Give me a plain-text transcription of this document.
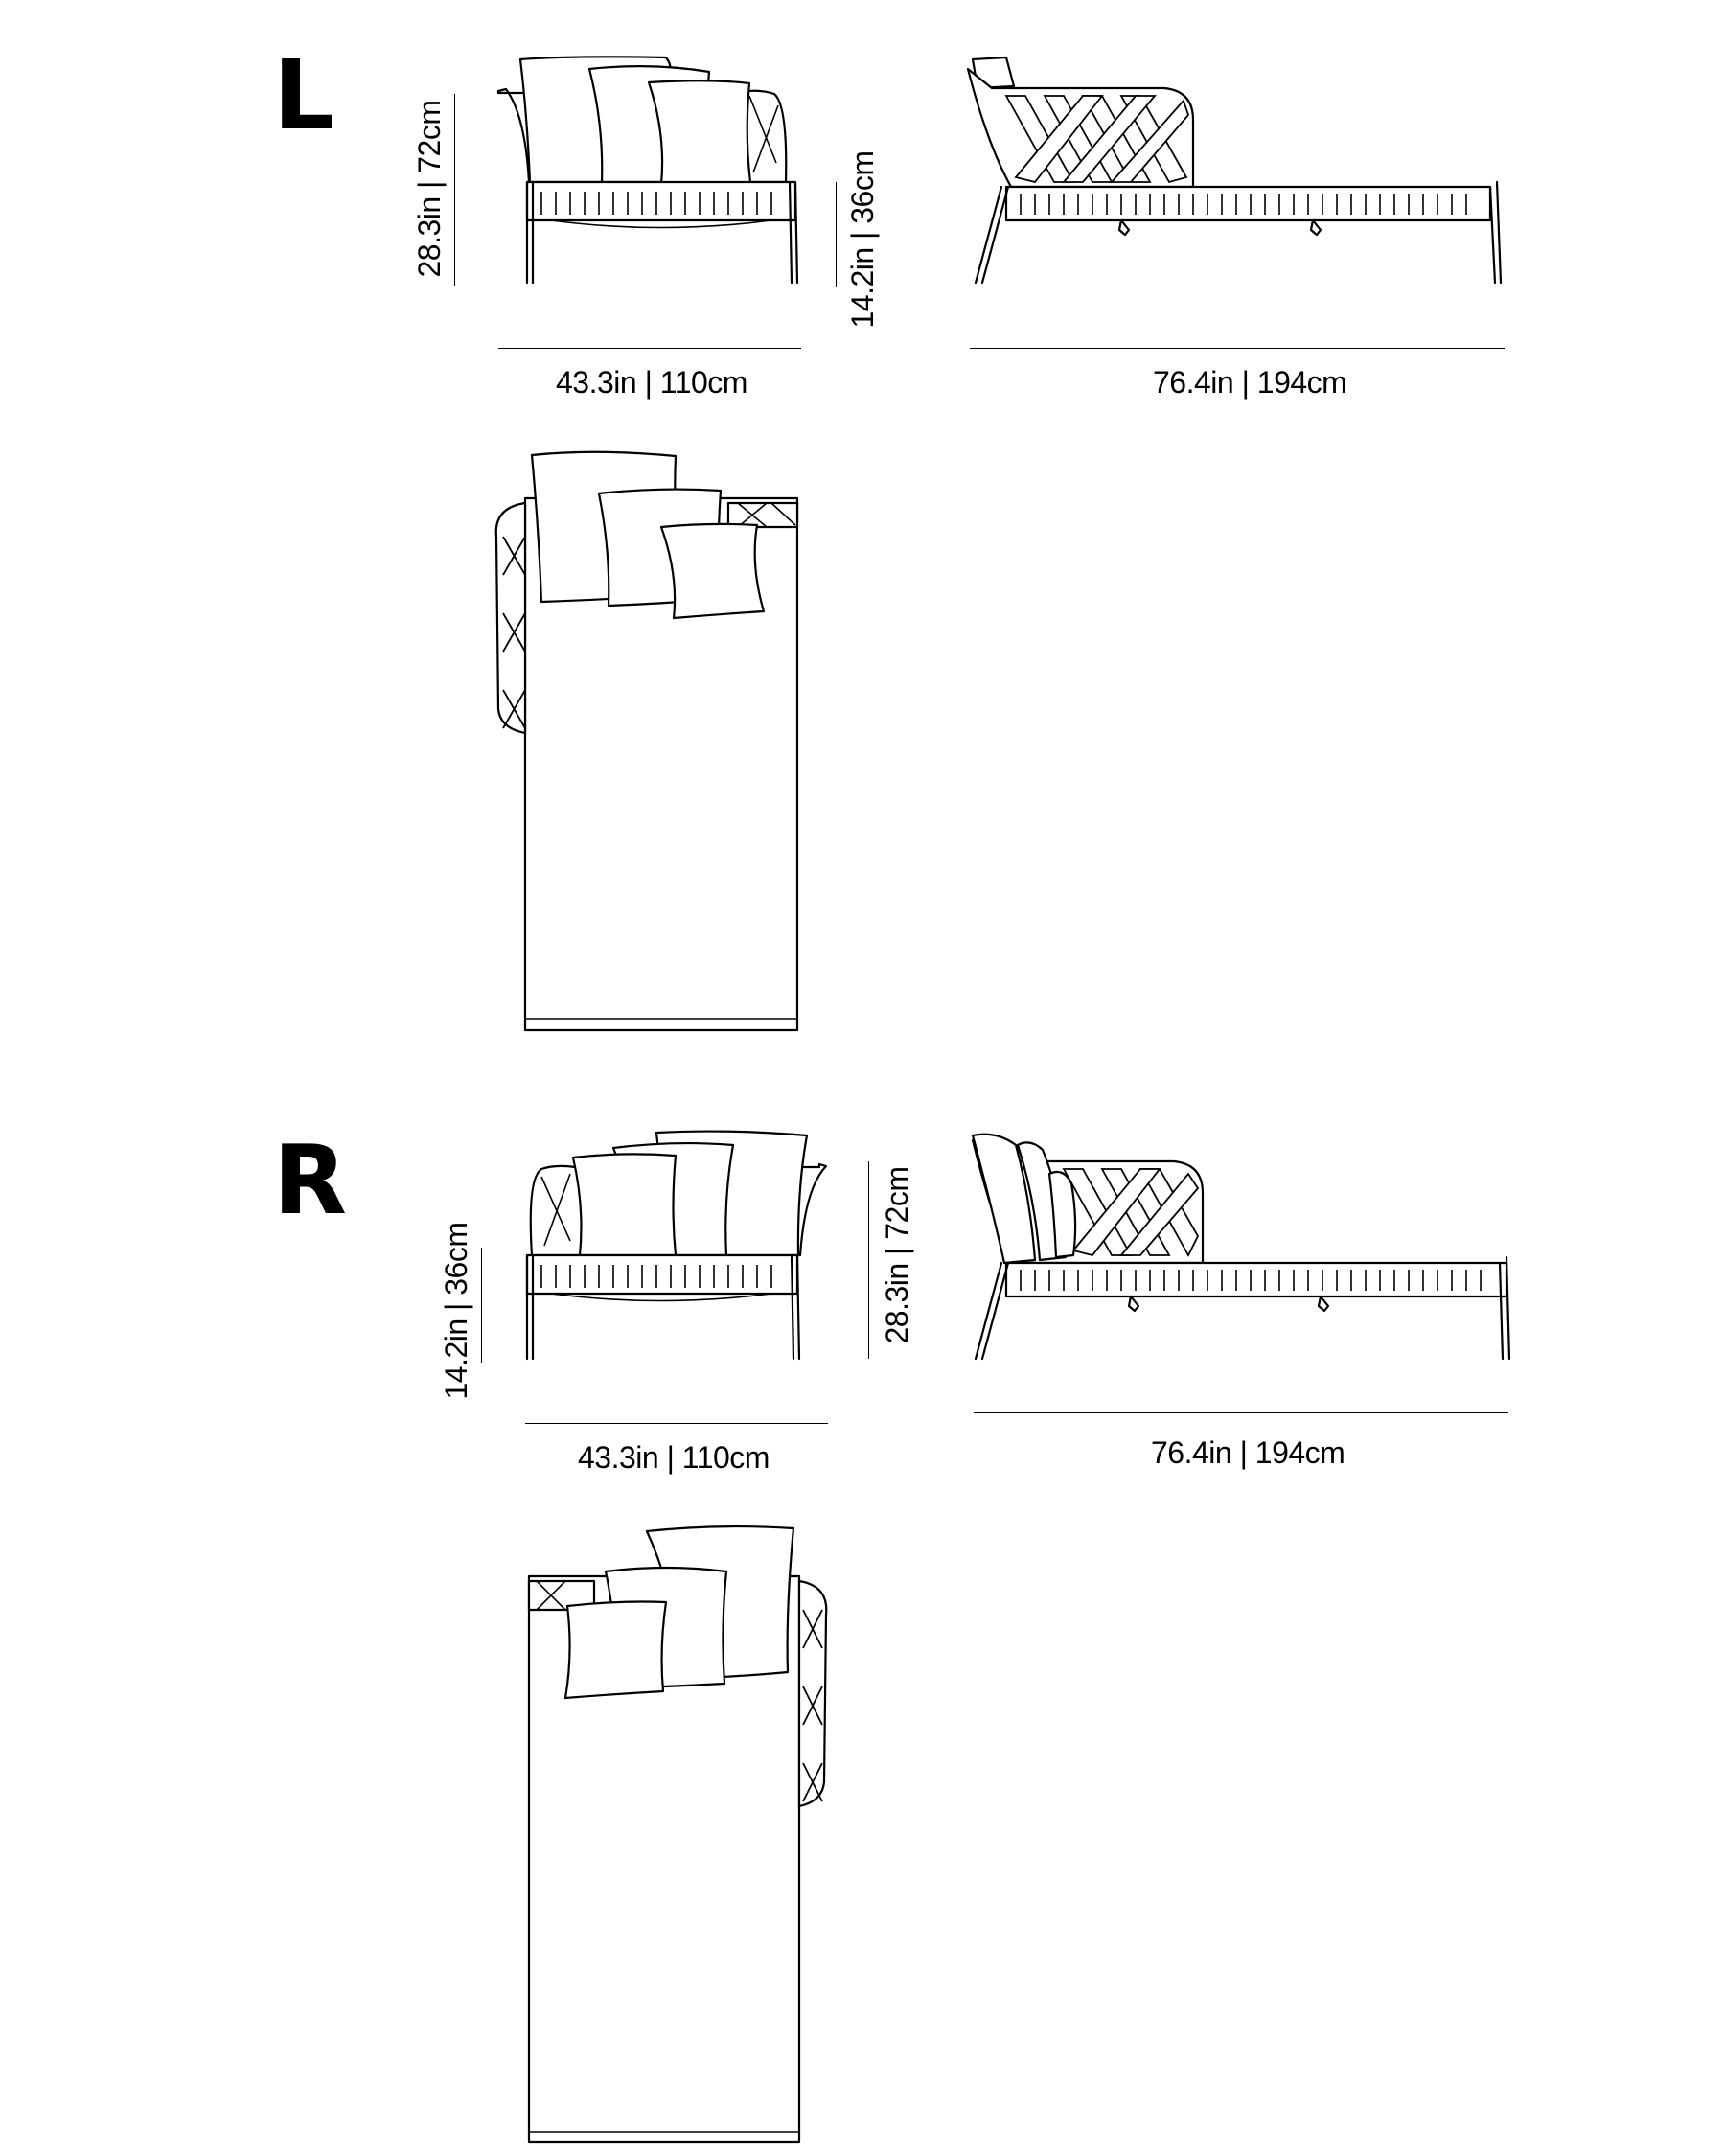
L
28.3in | 72cm
43.3in | 110cm
14.2in | 36cm
76.4in | 194cm
R
14.2in | 36cm	28.3in | 72cm
43.3in | 110cm	76.4in | 194cm
